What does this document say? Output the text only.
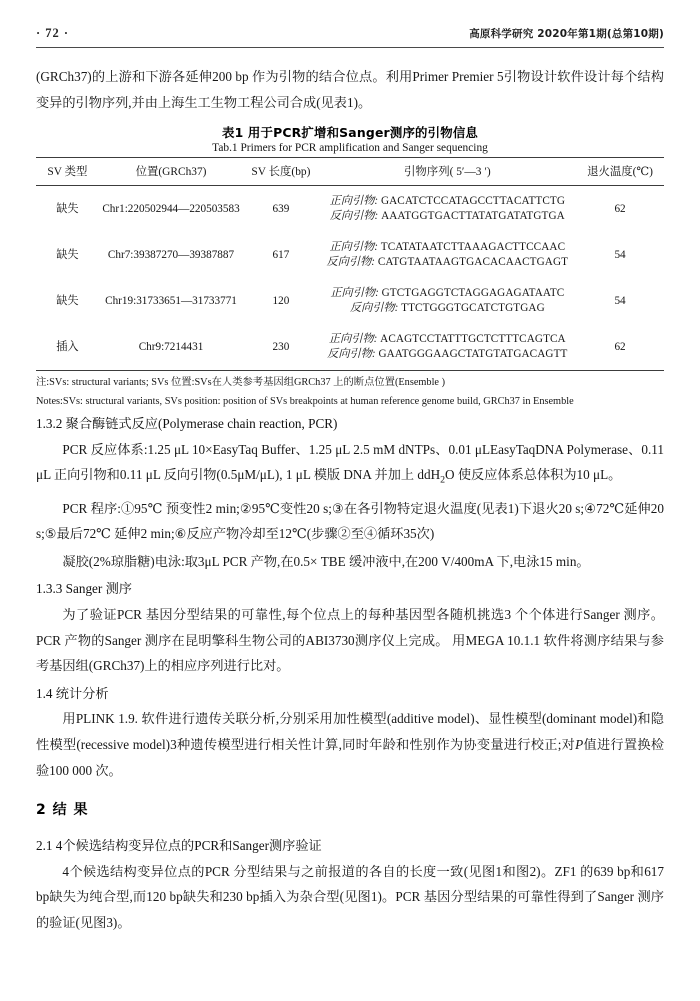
· 72 ·	高原科学研究 2020年第1期(总第10期)

(GRCh37)的上游和下游各延伸200 bp 作为引物的结合位点。利用Primer Premier 5引物设计软件设计每个结构变异的引物序列,并由上海生工生物工程公司合成(见表1)。

表1 用于PCR扩增和Sanger测序的引物信息
Tab.1 Primers for PCR amplification and Sanger sequencing
SV 类型	位置(GRCh37)	SV 长度(bp)	引物序列( 5′—3 ′)	退火温度(℃)
缺失	Chr1:220502944—220503583	639	正向引物: GACATCTCCATAGCCTTACATTCTG
反向引物: AAATGGTGACTTATATGATATGTGA	62
缺失	Chr7:39387270—39387887	617	正向引物: TCATATAATCTTAAAGACTTCCAAC
反向引物: CATGTAATAAGTGACACAACTGAGT	54
缺失	Chr19:31733651—31733771	120	正向引物: GTCTGAGGTCTAGGAGAGATAATC
反向引物: TTCTGGGTGCATCTGTGAG	54
插入	Chr9:7214431	230	正向引物: ACAGTCCTATTTGCTCTTTCAGTCA
反向引物: GAATGGGAAGCTATGTATGACAGTT	62
注:SVs: structural variants; SVs 位置:SVs在人类参考基因组GRCh37 上的断点位置(Ensemble )
Notes:SVs: structural variants, SVs position: position of SVs breakpoints at human reference genome build, GRCh37 in Ensemble

1.3.2 聚合酶链式反应(Polymerase chain reaction, PCR)

PCR 反应体系:1.25 μL 10×EasyTaq Buffer、1.25 μL 2.5 mM dNTPs、0.01 μLEasyTaqDNA Polymerase、0.11 μL 正向引物和0.11 μL 反向引物(0.5μM/μL), 1 μL 模版 DNA 并加上 ddH$_2$O 使反应体系总体积为10 μL。

PCR 程序:①95℃ 预变性2 min;②95℃变性20 s;③在各引物特定退火温度(见表1)下退火20 s;④72℃延伸20 s;⑤最后72℃ 延伸2 min;⑥反应产物冷却至12℃(步骤②至④循环35次)

凝胶(2%琼脂糖)电泳:取3μL PCR 产物,在0.5× TBE 缓冲液中,在200 V/400mA 下,电泳15 min。

1.3.3 Sanger 测序

为了验证PCR 基因分型结果的可靠性,每个位点上的每种基因型各随机挑选3 个个体进行Sanger 测序。PCR 产物的Sanger 测序在昆明擎科生物公司的ABI3730测序仪上完成。 用MEGA 10.1.1 软件将测序结果与参考基因组(GRCh37)上的相应序列进行比对。

1.4 统计分析

用PLINK 1.9. 软件进行遗传关联分析,分别采用加性模型(additive model)、显性模型(dominant model)和隐性模型(recessive model)3种遗传模型进行相关性计算,同时年龄和性别作为协变量进行校正;对P值进行置换检验100 000 次。

2 结 果

2.1 4个候选结构变异位点的PCR和Sanger测序验证

4个候选结构变异位点的PCR 分型结果与之前报道的各自的长度一致(见图1和图2)。ZF1 的639 bp和617 bp缺失为纯合型,而120 bp缺失和230 bp插入为杂合型(见图1)。PCR 基因分型结果的可靠性得到了Sanger 测序的验证(见图3)。
